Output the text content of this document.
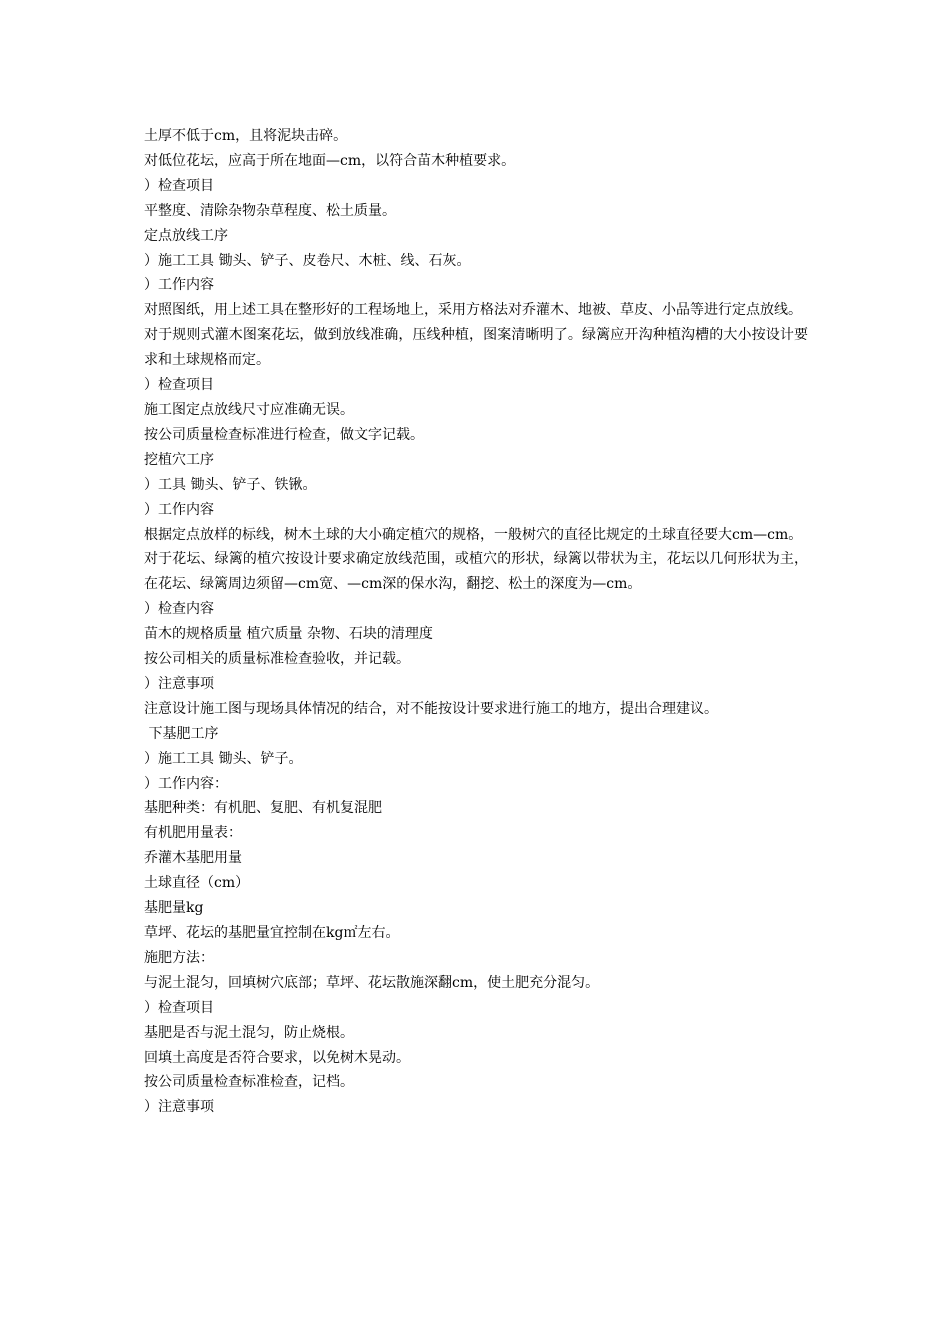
土厚不低于cm，且将泥块击碎。

对低位花坛，应高于所在地面—cm，以符合苗木种植要求。

）检查项目

平整度、清除杂物杂草程度、松土质量。

定点放线工序

）施工工具 锄头、铲子、皮卷尺、木桩、线、石灰。

）工作内容

对照图纸，用上述工具在整形好的工程场地上，采用方格法对乔灌木、地被、草皮、小品等进行定点放线。

对于规则式灌木图案花坛，做到放线准确，压线种植，图案清晰明了。绿篱应开沟种植沟槽的大小按设计要求和土球规格而定。

）检查项目

施工图定点放线尺寸应准确无误。

按公司质量检查标准进行检查，做文字记载。

挖植穴工序

）工具 锄头、铲子、铁锹。

）工作内容

根据定点放样的标线，树木土球的大小确定植穴的规格，一般树穴的直径比规定的土球直径要大cm—cm。

对于花坛、绿篱的植穴按设计要求确定放线范围，或植穴的形状，绿篱以带状为主，花坛以几何形状为主，在花坛、绿篱周边须留—cm宽、—cm深的保水沟，翻挖、松土的深度为—cm。

）检查内容

苗木的规格质量 植穴质量 杂物、石块的清理度

按公司相关的质量标准检查验收，并记载。

）注意事项

注意设计施工图与现场具体情况的结合，对不能按设计要求进行施工的地方，提出合理建议。

下基肥工序

）施工工具 锄头、铲子。

）工作内容：

基肥种类：有机肥、复肥、有机复混肥

有机肥用量表：

乔灌木基肥用量

土球直径（cm）

基肥量kg

草坪、花坛的基肥量宜控制在kg㎡左右。

施肥方法：

与泥土混匀，回填树穴底部；草坪、花坛散施深翻cm，使土肥充分混匀。

）检查项目

基肥是否与泥土混匀，防止烧根。

回填土高度是否符合要求，以免树木晃动。

按公司质量检查标准检查，记档。

）注意事项
